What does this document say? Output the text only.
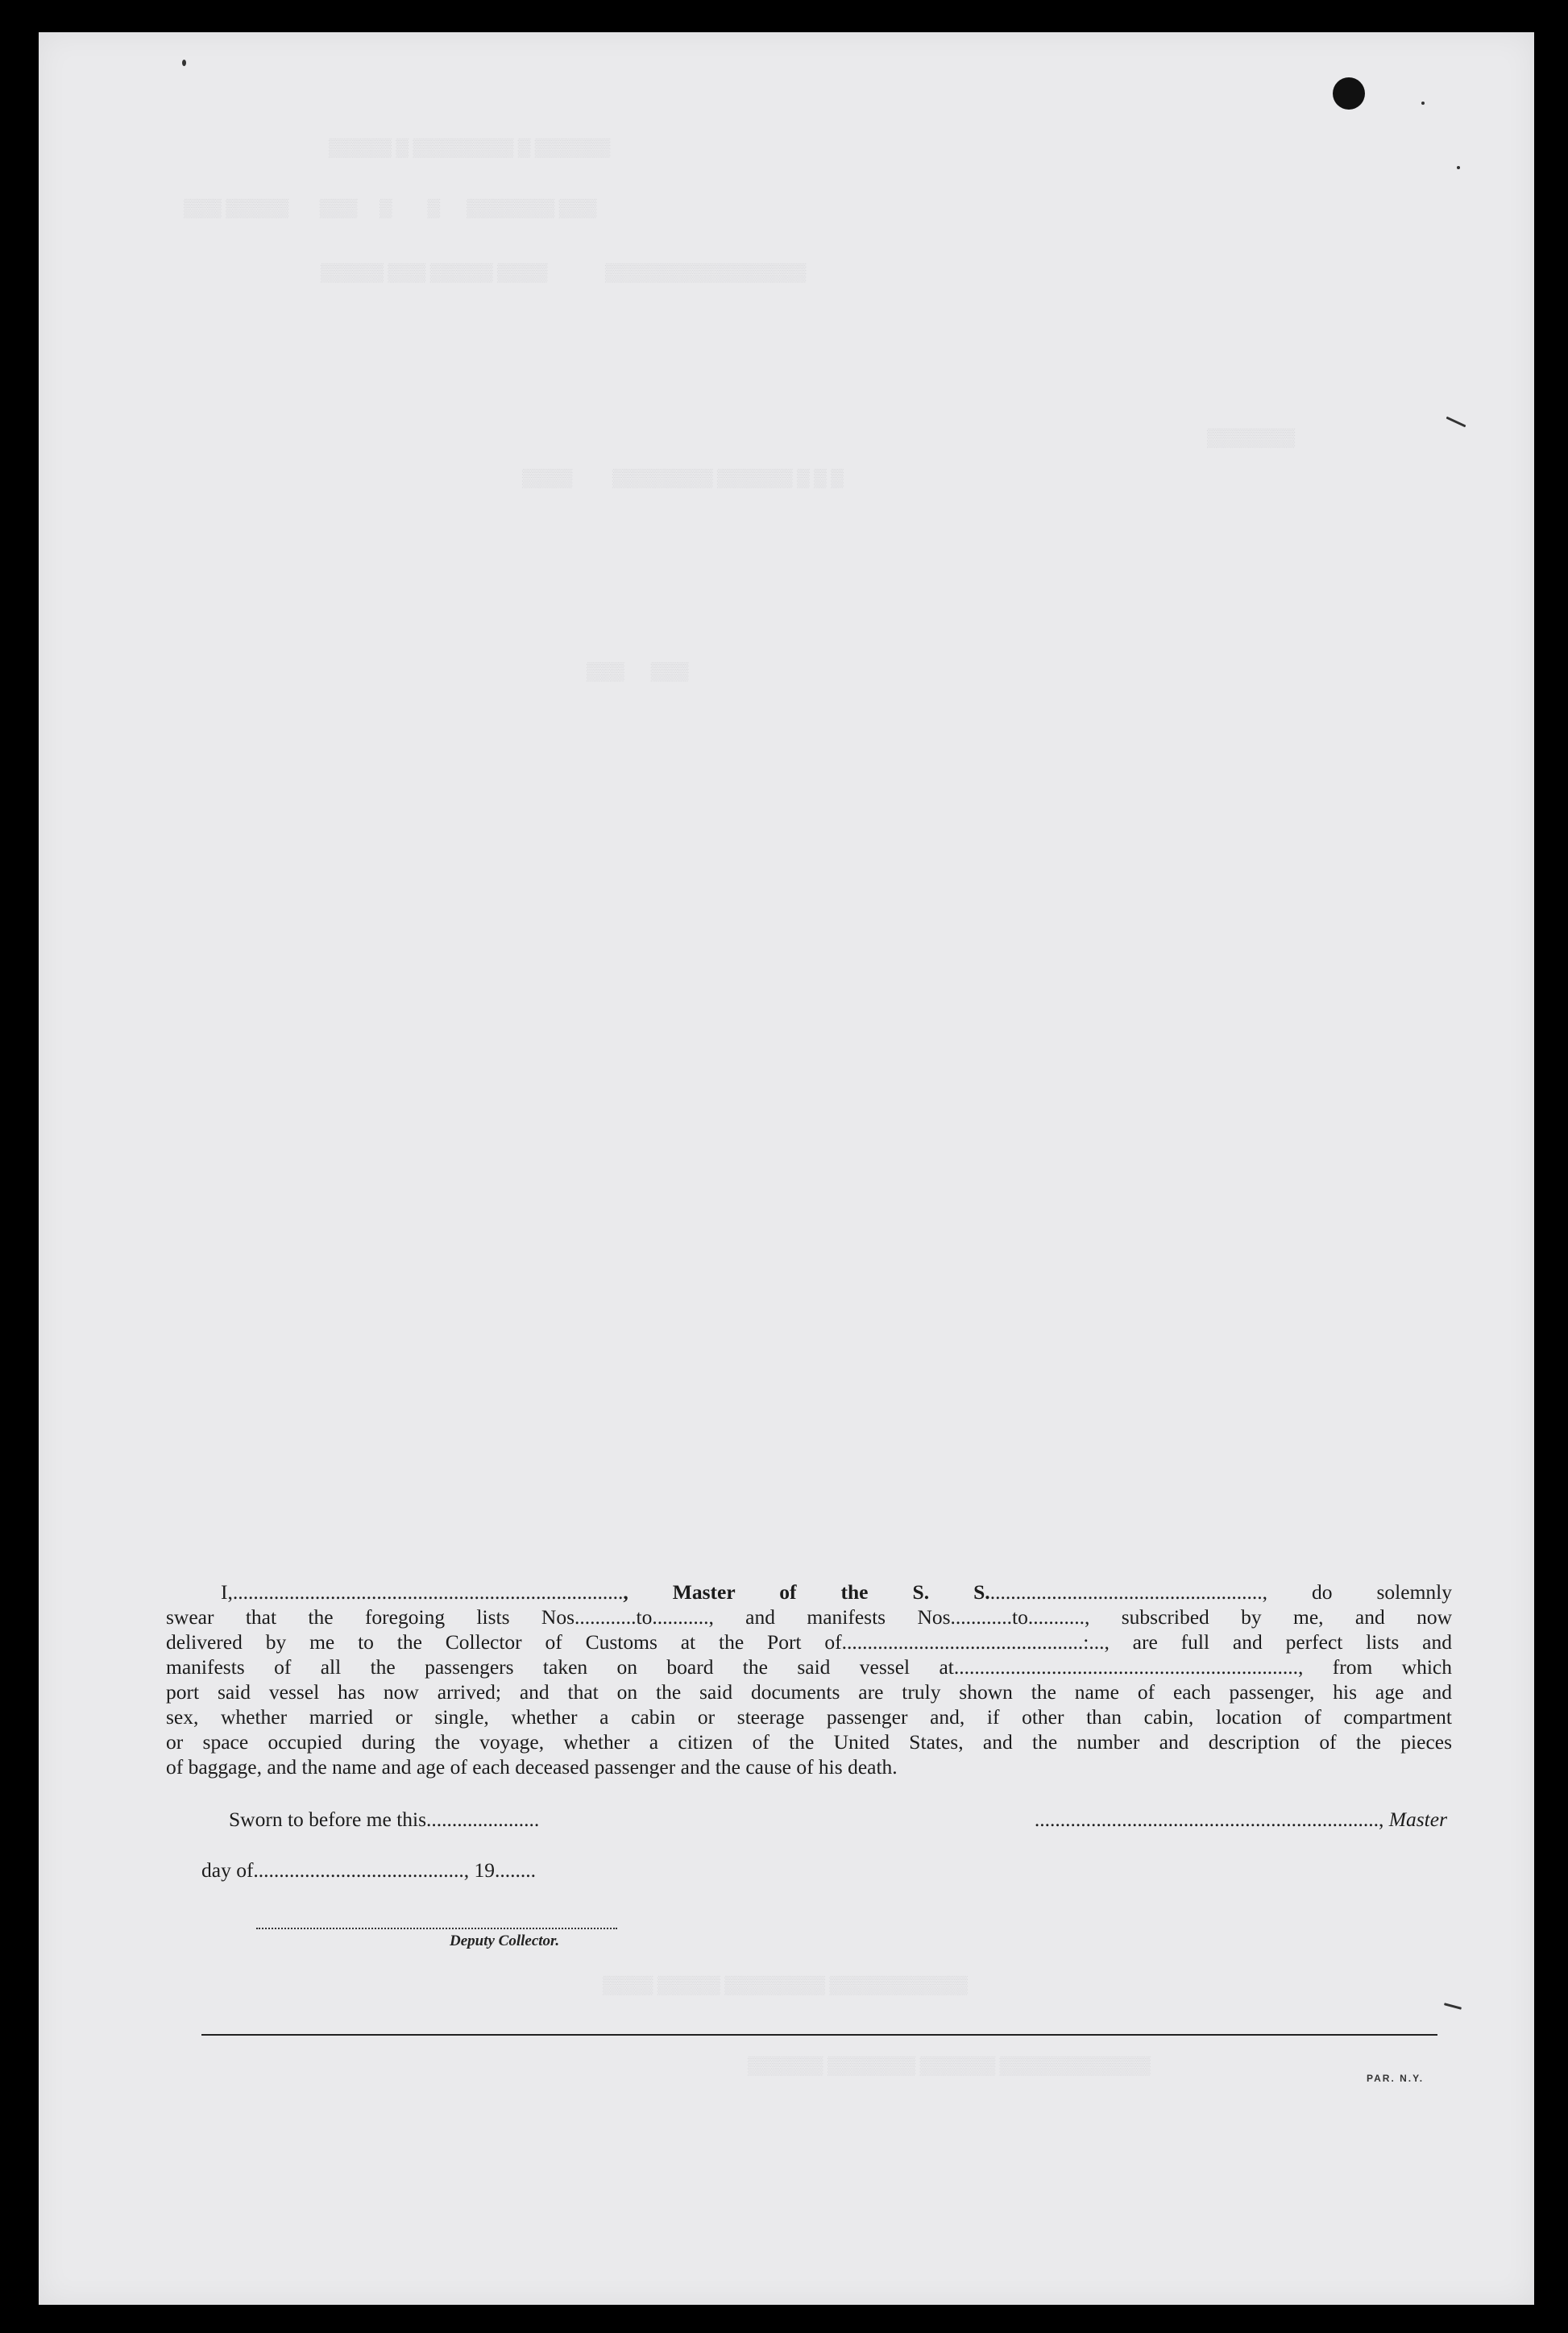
▒▒▒▒▒ ▒ ▒▒▒▒▒▒▒▒ ▒ ▒▒▒▒▒▒
▒▒▒ ▒▒▒▒▒       ▒▒▒     ▒        ▒      ▒▒▒▒▒▒▒ ▒▒▒
▒▒▒▒▒ ▒▒▒ ▒▒▒▒▒ ▒▒▒▒             ▒▒▒▒▒▒▒▒▒▒▒▒▒▒▒▒
▒▒▒▒▒▒▒
▒▒▒▒         ▒▒▒▒▒▒▒▒ ▒▒▒▒▒▒ ▒ ▒ ▒
▒▒▒      ▒▒▒
▒▒▒▒ ▒▒▒▒▒ ▒▒▒▒▒▒▒▒ ▒▒▒▒▒▒▒▒▒▒▒
▒▒▒▒▒▒ ▒▒▒▒▒▒▒ ▒▒▒▒▒▒ ▒▒▒▒▒▒▒▒▒▒▒▒
I,............................................................................, Master of the S. S......................................................, do solemnly
swear that the foregoing lists Nos............to..........., and manifests Nos............to..........., subscribed by me, and now
delivered by me to the Collector of Customs at the Port of...............................................:..., are full and perfect lists and
manifests of all the passengers taken on board the said vessel at..................................................................., from which
port said vessel has now arrived; and that on the said documents are truly shown the name of each passenger, his age and
sex, whether married or single, whether a cabin or steerage passenger and, if other than cabin, location of compartment
or space occupied during the voyage, whether a citizen of the United States, and the number and description of the pieces
of baggage, and the name and age of each deceased passenger and the cause of his death.
Sworn to before me this......................	..................................................................., Master
day of........................................., 19........
Deputy Collector.
PAR. N.Y.
